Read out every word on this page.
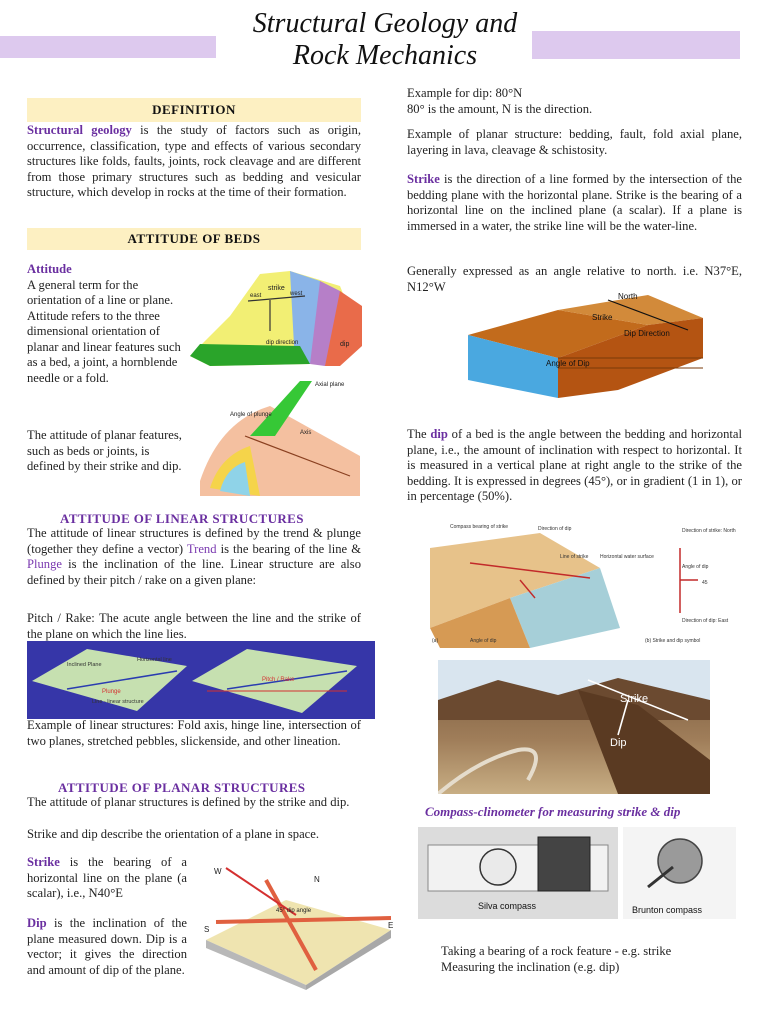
Structural Geology and
Rock Mechanics
DEFINITION
Structural geology is the study of factors such as origin, occurrence, classification, type and effects of various secondary structures like folds, faults, joints, rock cleavage and are different from those primary structures such as bedding and vesicular structure, which develop in rocks at the time of their formation.
ATTITUDE OF BEDS
Attitude
A general term for the orientation of a line or plane. Attitude refers to the three dimensional orientation of planar and linear features such as a bed, a joint, a hornblende needle or a fold.
The attitude of planar features, such as beds or joints, is defined by their strike and dip.
strike
east	west
dip direction	dip
Axial plane
Angle of plunge
Axis
ATTITUDE OF LINEAR STRUCTURES
The attitude of linear structures is defined by the trend & plunge (together they define a vector) Trend is the bearing of the line & Plunge is the inclination of the line. Linear structure are also defined by their pitch / rake on a given plane:
Pitch / Rake: The acute angle between the line and the strike of the plane on which the line lies.
Inclined Plane
Horizontal line
Plunge
Line - linear structure
Pitch / Rake
Example of linear structures: Fold axis, hinge line, intersection of two planes, stretched pebbles, slickenside, and other lineation.
ATTITUDE OF PLANAR STRUCTURES
The attitude of planar structures is defined by the strike and dip.
Strike and dip describe the orientation of a plane in space.
Strike is the bearing of a horizontal line on the plane (a scalar), i.e., N40°E
Dip is the inclination of the plane measured down. Dip is a vector; it gives the direction and amount of dip of the plane.
W
N
S	E
45° dip angle
Example for dip: 80°N
80° is the amount, N is the direction.
Example of planar structure: bedding, fault, fold axial plane, layering in lava, cleavage & schistosity.
Strike is the direction of a line formed by the intersection of the bedding plane with the horizontal plane. Strike is the bearing of a horizontal line on the inclined plane (a scalar). If a plane is immersed in a water, the strike line will be the water-line.
Generally expressed as an angle relative to north. i.e. N37°E, N12°W
North
Strike
Dip Direction
Angle of Dip
The dip of a bed is the angle between the bedding and horizontal plane, i.e., the amount of inclination with respect to horizontal. It is measured in a vertical plane at right angle to the strike of the bedding. It is expressed in degrees (45°), or in gradient (1 in 1), or in percentage (50%).
Compass bearing of strike	Direction of dip
Line of strike Horizontal water surface
Angle of dip
Direction of strike: North
Angle of dip
45
Direction of dip: East
(a)	(b) Strike and dip symbol
Strike
Dip
Compass-clinometer for measuring strike & dip
Silva compass	Brunton compass
Taking a bearing of a rock feature - e.g. strike
Measuring the inclination (e.g. dip)
